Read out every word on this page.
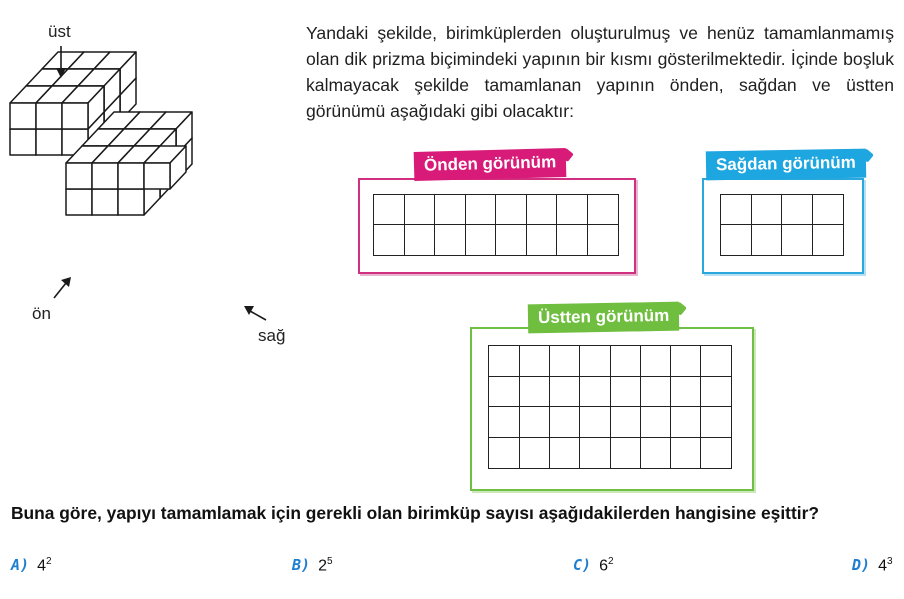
üst
ön
sağ
Yandaki şekilde, birimküplerden oluşturulmuş ve henüz tamamlanmamış olan dik prizma biçimindeki yapının bir kısmı gösterilmektedir. İçinde boşluk kalmayacak şekilde tamamlanan yapının önden, sağdan ve üstten görünümü aşağıdaki gibi olacaktır:
Önden görünüm	Sağdan görünüm
Üstten görünüm
Buna göre, yapıyı tamamlamak için gerekli olan birimküp sayısı aşağıdakilerden hangisine eşittir?
A) $4^2$	B) $2^5$	C) $6^2$	D) $4^3$
